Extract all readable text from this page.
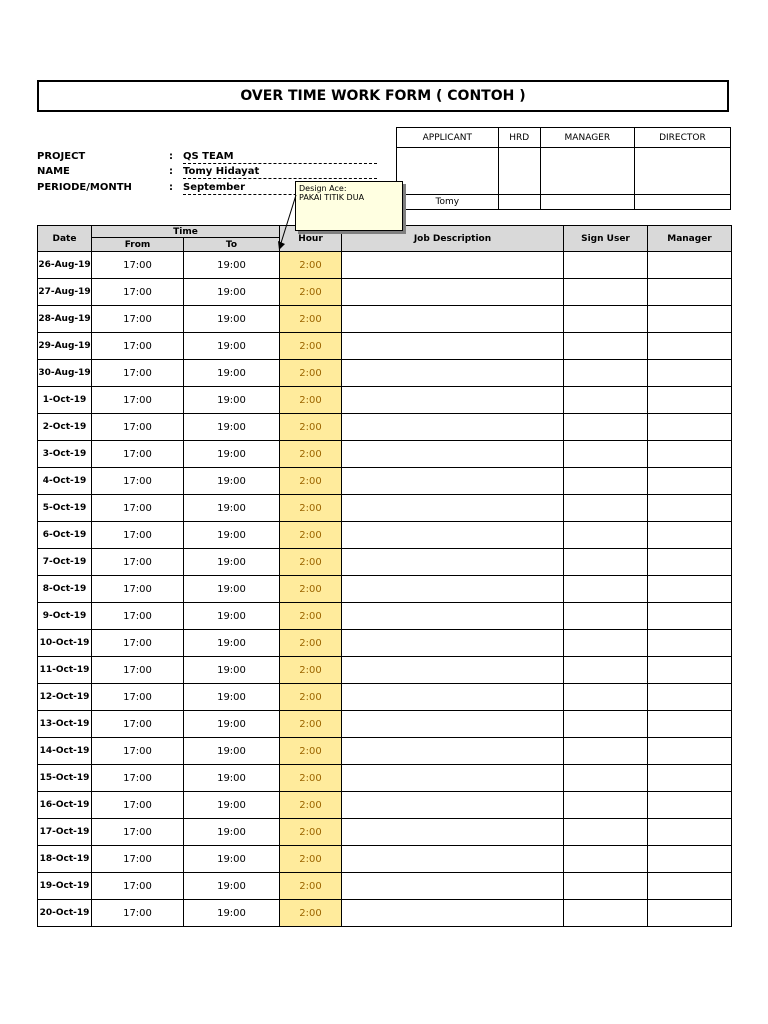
OVER TIME WORK FORM ( CONTOH )
PROJECT	: QS TEAM
NAME	: Tomy Hidayat
PERIODE/MONTH	: September
APPLICANT	HRD	MANAGER	DIRECTOR

Tomy			
Date	Time		Hour	Job Description	Sign User	Manager
	From	To				
26-Aug-19	17:00	19:00	2:00			
27-Aug-19	17:00	19:00	2:00			
28-Aug-19	17:00	19:00	2:00			
29-Aug-19	17:00	19:00	2:00			
30-Aug-19	17:00	19:00	2:00			
1-Oct-19	17:00	19:00	2:00			
2-Oct-19	17:00	19:00	2:00			
3-Oct-19	17:00	19:00	2:00			
4-Oct-19	17:00	19:00	2:00			
5-Oct-19	17:00	19:00	2:00			
6-Oct-19	17:00	19:00	2:00			
7-Oct-19	17:00	19:00	2:00			
8-Oct-19	17:00	19:00	2:00			
9-Oct-19	17:00	19:00	2:00			
10-Oct-19	17:00	19:00	2:00			
11-Oct-19	17:00	19:00	2:00			
12-Oct-19	17:00	19:00	2:00			
13-Oct-19	17:00	19:00	2:00			
14-Oct-19	17:00	19:00	2:00			
15-Oct-19	17:00	19:00	2:00			
16-Oct-19	17:00	19:00	2:00			
17-Oct-19	17:00	19:00	2:00			
18-Oct-19	17:00	19:00	2:00			
19-Oct-19	17:00	19:00	2:00			
20-Oct-19	17:00	19:00	2:00			
Design Ace:
PAKAI TITIK DUA
